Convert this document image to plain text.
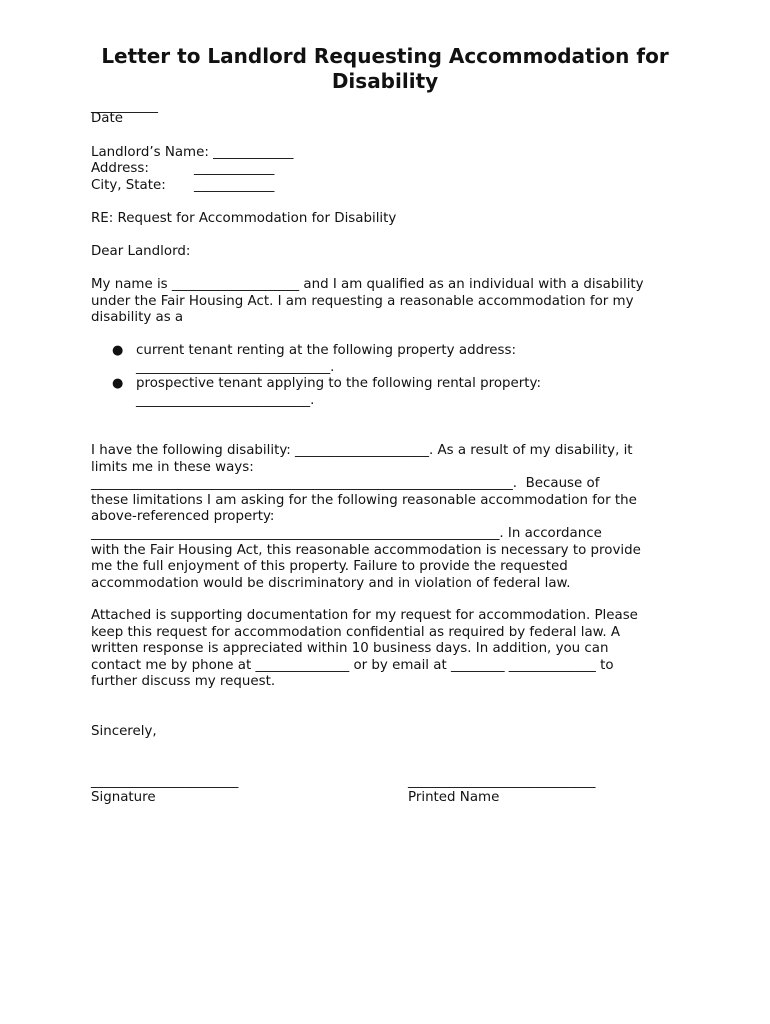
Letter to Landlord Requesting Accommodation for
Disability
__________
Date
Landlord’s Name: ____________
Address:	____________
City, State:	____________
RE: Request for Accommodation for Disability
Dear Landlord:
My name is ___________________ and I am qualified as an individual with a disability
under the Fair Housing Act. I am requesting a reasonable accommodation for my
disability as a
● current tenant renting at the following property address:
_____________________________.
● prospective tenant applying to the following rental property:
__________________________.
I have the following disability: ____________________. As a result of my disability, it
limits me in these ways:
_______________________________________________________________.  Because of
these limitations I am asking for the following reasonable accommodation for the
above-referenced property:
_____________________________________________________________. In accordance
with the Fair Housing Act, this reasonable accommodation is necessary to provide
me the full enjoyment of this property. Failure to provide the requested
accommodation would be discriminatory and in violation of federal law.
Attached is supporting documentation for my request for accommodation. Please
keep this request for accommodation confidential as required by federal law. A
written response is appreciated within 10 business days. In addition, you can
contact me by phone at ______________ or by email at ________ _____________ to
further discuss my request.
Sincerely,
______________________
Signature
____________________________
Printed Name
